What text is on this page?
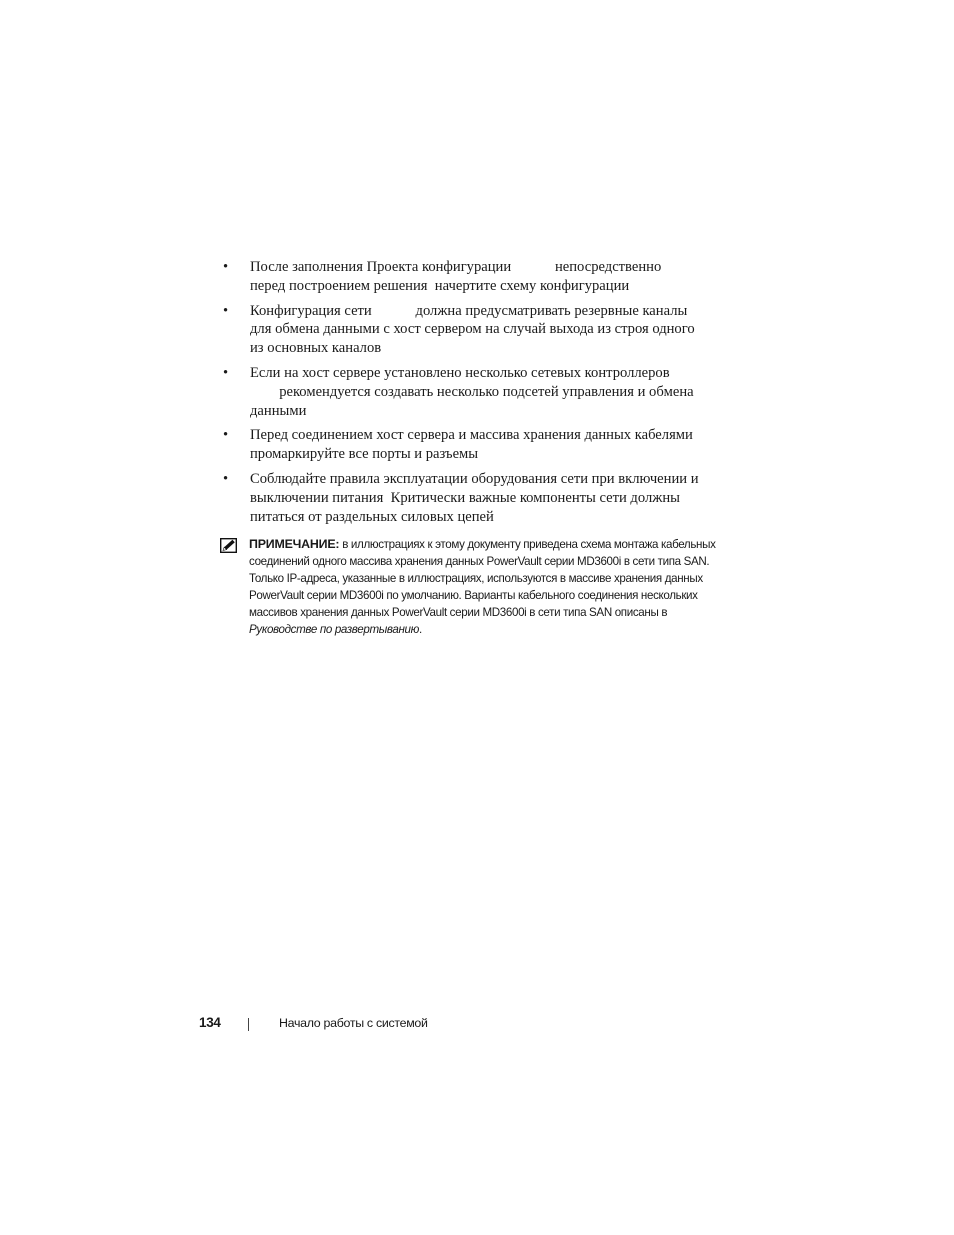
• После заполнения Проекта конфигурации            непосредственно
перед построением решения  начертите схему конфигурации
• Конфигурация сети            должна предусматривать резервные каналы
для обмена данными с хост сервером на случай выхода из строя одного
из основных каналов
• Если на хост сервере установлено несколько сетевых контроллеров
рекомендуется создавать несколько подсетей управления и обмена
данными
• Перед соединением хост сервера и массива хранения данных кабелями
промаркируйте все порты и разъемы
• Соблюдайте правила эксплуатации оборудования сети при включении и
выключении питания  Критически важные компоненты сети должны
питаться от раздельных силовых цепей
ПРИМЕЧАНИЕ: в иллюстрациях к этому документу приведена схема монтажа кабельных соединений одного массива хранения данных PowerVault серии MD3600i в сети типа SAN. Только IP-адреса, указанные в иллюстрациях, используются в массиве хранения данных PowerVault серии MD3600i по умолчанию. Варианты кабельного соединения нескольких массивов хранения данных PowerVault серии MD3600i в сети типа SAN описаны в Руководстве по развертыванию.
134	Начало работы с системой
